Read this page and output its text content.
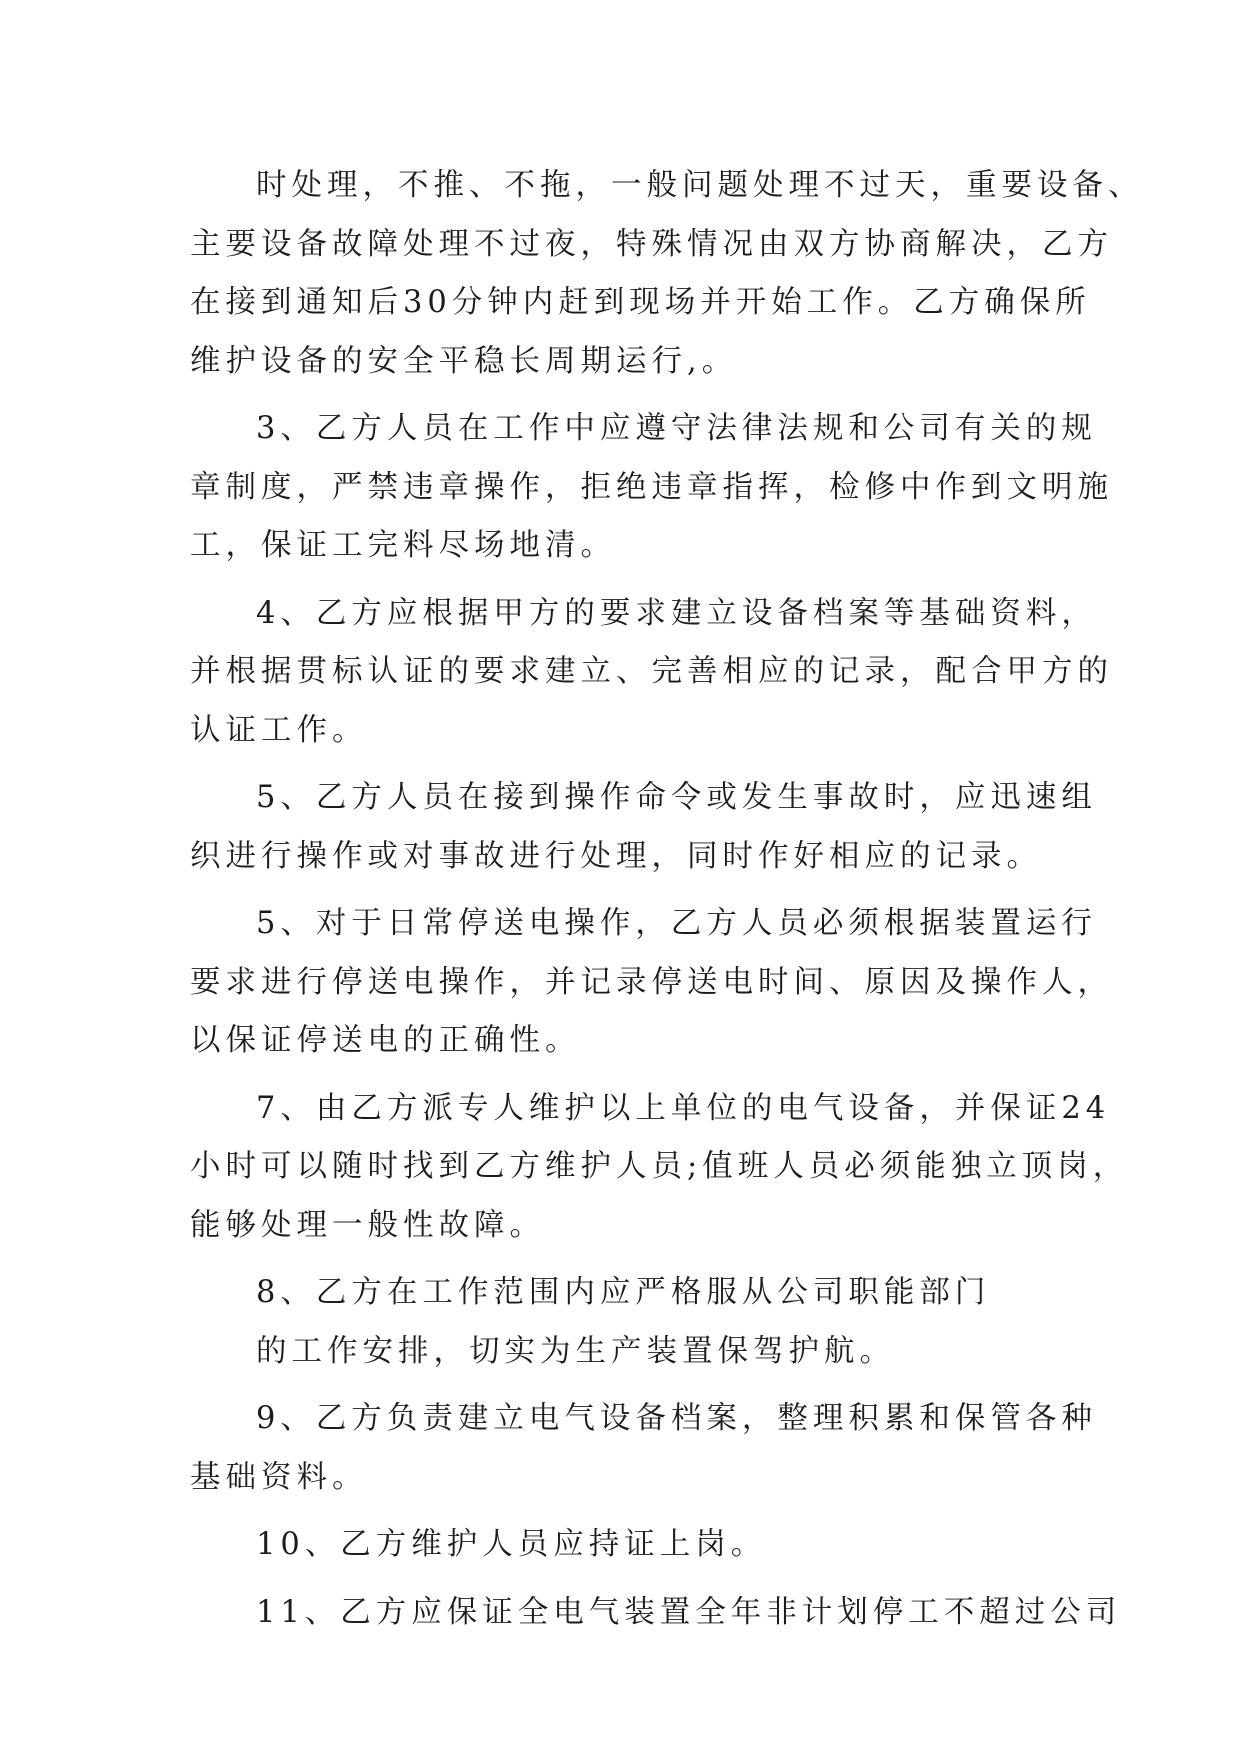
时处理，不推、不拖，一般问题处理不过天，重要设备、
主要设备故障处理不过夜，特殊情况由双方协商解决，乙方
在接到通知后30分钟内赶到现场并开始工作。乙方确保所
维护设备的安全平稳长周期运行,。
3、乙方人员在工作中应遵守法律法规和公司有关的规
章制度，严禁违章操作，拒绝违章指挥，检修中作到文明施
工，保证工完料尽场地清。
4、乙方应根据甲方的要求建立设备档案等基础资料，
并根据贯标认证的要求建立、完善相应的记录，配合甲方的
认证工作。
5、乙方人员在接到操作命令或发生事故时，应迅速组
织进行操作或对事故进行处理，同时作好相应的记录。
5、对于日常停送电操作，乙方人员必须根据装置运行
要求进行停送电操作，并记录停送电时间、原因及操作人，
以保证停送电的正确性。
7、由乙方派专人维护以上单位的电气设备，并保证24
小时可以随时找到乙方维护人员;值班人员必须能独立顶岗，
能够处理一般性故障。
8、乙方在工作范围内应严格服从公司职能部门
的工作安排，切实为生产装置保驾护航。
9、乙方负责建立电气设备档案，整理积累和保管各种
基础资料。
10、乙方维护人员应持证上岗。
11、乙方应保证全电气装置全年非计划停工不超过公司
